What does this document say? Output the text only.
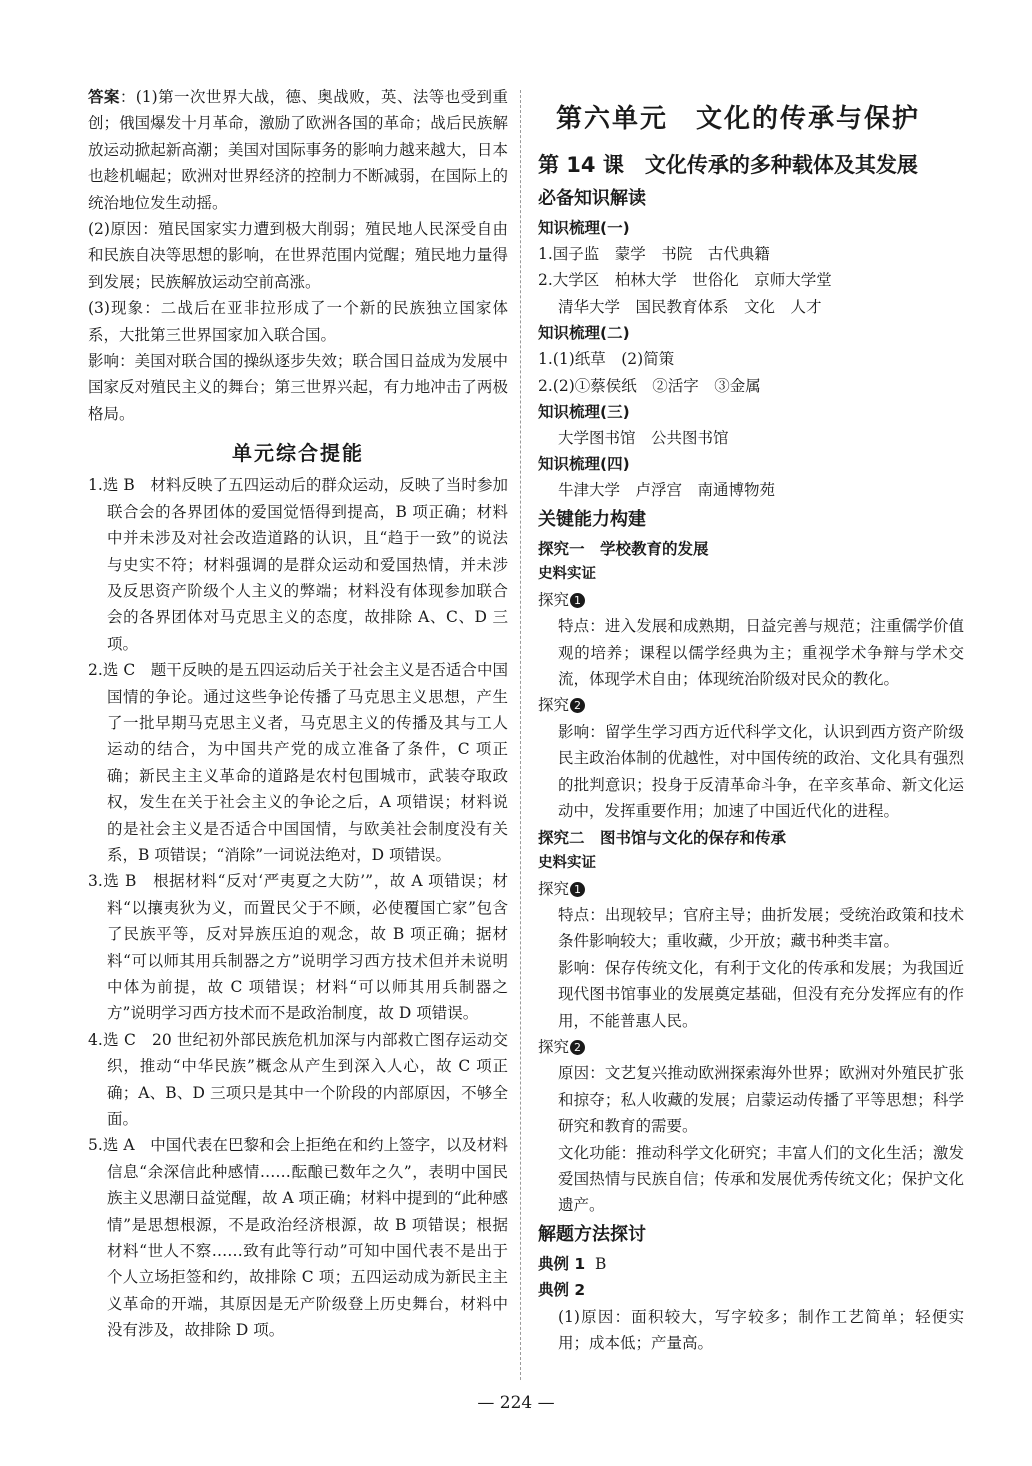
答案：(1)第一次世界大战，德、奥战败，英、法等也受到重创；俄国爆发十月革命，激励了欧洲各国的革命；战后民族解放运动掀起新高潮；美国对国际事务的影响力越来越大，日本也趁机崛起；欧洲对世界经济的控制力不断减弱，在国际上的统治地位发生动摇。

(2)原因：殖民国家实力遭到极大削弱；殖民地人民深受自由和民族自决等思想的影响，在世界范围内觉醒；殖民地力量得到发展；民族解放运动空前高涨。

(3)现象：二战后在亚非拉形成了一个新的民族独立国家体系，大批第三世界国家加入联合国。

影响：美国对联合国的操纵逐步失效；联合国日益成为发展中国家反对殖民主义的舞台；第三世界兴起，有力地冲击了两极格局。

单元综合提能

1.选 B　材料反映了五四运动后的群众运动，反映了当时参加联合会的各界团体的爱国觉悟得到提高，B 项正确；材料中并未涉及对社会改造道路的认识，且“趋于一致”的说法与史实不符；材料强调的是群众运动和爱国热情，并未涉及反思资产阶级个人主义的弊端；材料没有体现参加联合会的各界团体对马克思主义的态度，故排除 A、C、D 三项。

2.选 C　题干反映的是五四运动后关于社会主义是否适合中国国情的争论。通过这些争论传播了马克思主义思想，产生了一批早期马克思主义者，马克思主义的传播及其与工人运动的结合，为中国共产党的成立准备了条件，C 项正确；新民主主义革命的道路是农村包围城市，武装夺取政权，发生在关于社会主义的争论之后，A 项错误；材料说的是社会主义是否适合中国国情，与欧美社会制度没有关系，B 项错误；“消除”一词说法绝对，D 项错误。

3.选 B　根据材料“反对‘严夷夏之大防’”，故 A 项错误；材料“以攘夷狄为义，而置民父于不顾，必使覆国亡家”包含了民族平等，反对异族压迫的观念，故 B 项正确；据材料“可以师其用兵制器之方”说明学习西方技术但并未说明中体为前提，故 C 项错误；材料“可以师其用兵制器之方”说明学习西方技术而不是政治制度，故 D 项错误。

4.选 C　20 世纪初外部民族危机加深与内部救亡图存运动交织，推动“中华民族”概念从产生到深入人心，故 C 项正确；A、B、D 三项只是其中一个阶段的内部原因，不够全面。

5.选 A　中国代表在巴黎和会上拒绝在和约上签字，以及材料信息“余深信此种感情……酝酿已数年之久”，表明中国民族主义思潮日益觉醒，故 A 项正确；材料中提到的“此种感情”是思想根源，不是政治经济根源，故 B 项错误；根据材料“世人不察……致有此等行动”可知中国代表不是出于个人立场拒签和约，故排除 C 项；五四运动成为新民主主义革命的开端，其原因是无产阶级登上历史舞台，材料中没有涉及，故排除 D 项。

第六单元　文化的传承与保护
第 14 课　文化传承的多种载体及其发展
必备知识解读
知识梳理(一)

1.国子监　蒙学　书院　古代典籍

2.大学区　柏林大学　世俗化　京师大学堂

清华大学　国民教育体系　文化　人才

知识梳理(二)

1.(1)纸草　(2)简策

2.(2)①蔡侯纸　②活字　③金属

知识梳理(三)

大学图书馆　公共图书馆

知识梳理(四)

牛津大学　卢浮宫　南通博物苑

关键能力构建
探究一　学校教育的发展
史料实证

探究 1

特点：进入发展和成熟期，日益完善与规范；注重儒学价值观的培养；课程以儒学经典为主；重视学术争辩与学术交流，体现学术自由；体现统治阶级对民众的教化。

探究 2

影响：留学生学习西方近代科学文化，认识到西方资产阶级民主政治体制的优越性，对中国传统的政治、文化具有强烈的批判意识；投身于反清革命斗争，在辛亥革命、新文化运动中，发挥重要作用；加速了中国近代化的进程。

探究二　图书馆与文化的保存和传承
史料实证

探究 1

特点：出现较早；官府主导；曲折发展；受统治政策和技术条件影响较大；重收藏，少开放；藏书种类丰富。

影响：保存传统文化，有利于文化的传承和发展；为我国近现代图书馆事业的发展奠定基础，但没有充分发挥应有的作用，不能普惠人民。

探究 2

原因：文艺复兴推动欧洲探索海外世界；欧洲对外殖民扩张和掠夺；私人收藏的发展；启蒙运动传播了平等思想；科学研究和教育的需要。

文化功能：推动科学文化研究；丰富人们的文化生活；激发爱国热情与民族自信；传承和发展优秀传统文化；保护文化遗产。

解题方法探讨

典例 1 B

典例 2

(1)原因：面积较大，写字较多；制作工艺简单；轻便实用；成本低；产量高。

— 224 —
